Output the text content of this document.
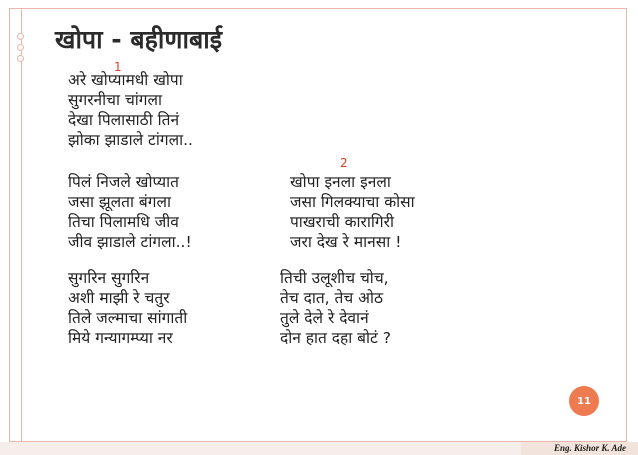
खोपा - बहीणाबाई
1
2
अरे खोप्यामधी खोपा
सुगरनीचा चांगला
देखा पिलासाठी तिनं
झोका झाडाले टांगला..
पिलं निजले खोप्यात
जसा झूलता बंगला
तिचा पिलामधि जीव
जीव झाडाले टांगला..!
सुगरिन सुगरिन
अशी माझी रे चतुर
तिले जल्माचा सांगाती
मिये गन्यागम्प्या नर
खोपा इनला इनला
जसा गिलक्याचा कोसा
पाखराची कारागिरी
जरा देख रे मानसा !
तिची उलूशीच चोच,
तेच दात, तेच ओठ
तुले देले रे देवानं
दोन हात दहा बोटं ?
11
Eng. Kishor K. Ade
